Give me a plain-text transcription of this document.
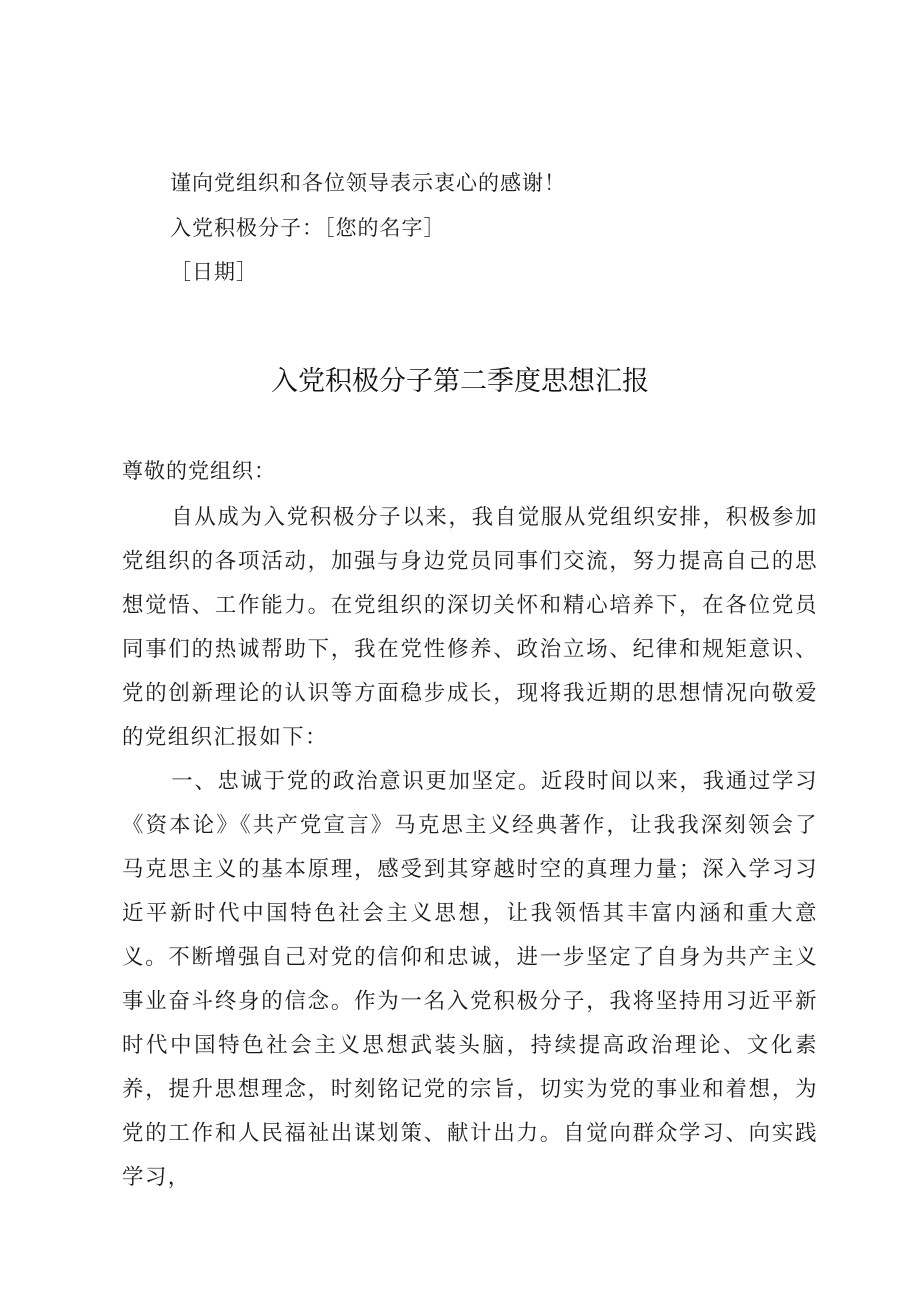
谨向党组织和各位领导表示衷心的感谢！
入党积极分子：［您的名字］
［日期］
入党积极分子第二季度思想汇报
尊敬的党组织：

自从成为入党积极分子以来，我自觉服从党组织安排，积极参加党组织的各项活动，加强与身边党员同事们交流，努力提高自己的思想觉悟、工作能力。在党组织的深切关怀和精心培养下，在各位党员同事们的热诚帮助下，我在党性修养、政治立场、纪律和规矩意识、党的创新理论的认识等方面稳步成长，现将我近期的思想情况向敬爱的党组织汇报如下：

一、忠诚于党的政治意识更加坚定。近段时间以来，我通过学习《资本论》《共产党宣言》马克思主义经典著作，让我我深刻领会了马克思主义的基本原理，感受到其穿越时空的真理力量；深入学习习近平新时代中国特色社会主义思想，让我领悟其丰富内涵和重大意义。不断增强自己对党的信仰和忠诚，进一步坚定了自身为共产主义事业奋斗终身的信念。作为一名入党积极分子，我将坚持用习近平新时代中国特色社会主义思想武装头脑，持续提高政治理论、文化素养，提升思想理念，时刻铭记党的宗旨，切实为党的事业和着想，为党的工作和人民福祉出谋划策、献计出力。自觉向群众学习、向实践学习，
